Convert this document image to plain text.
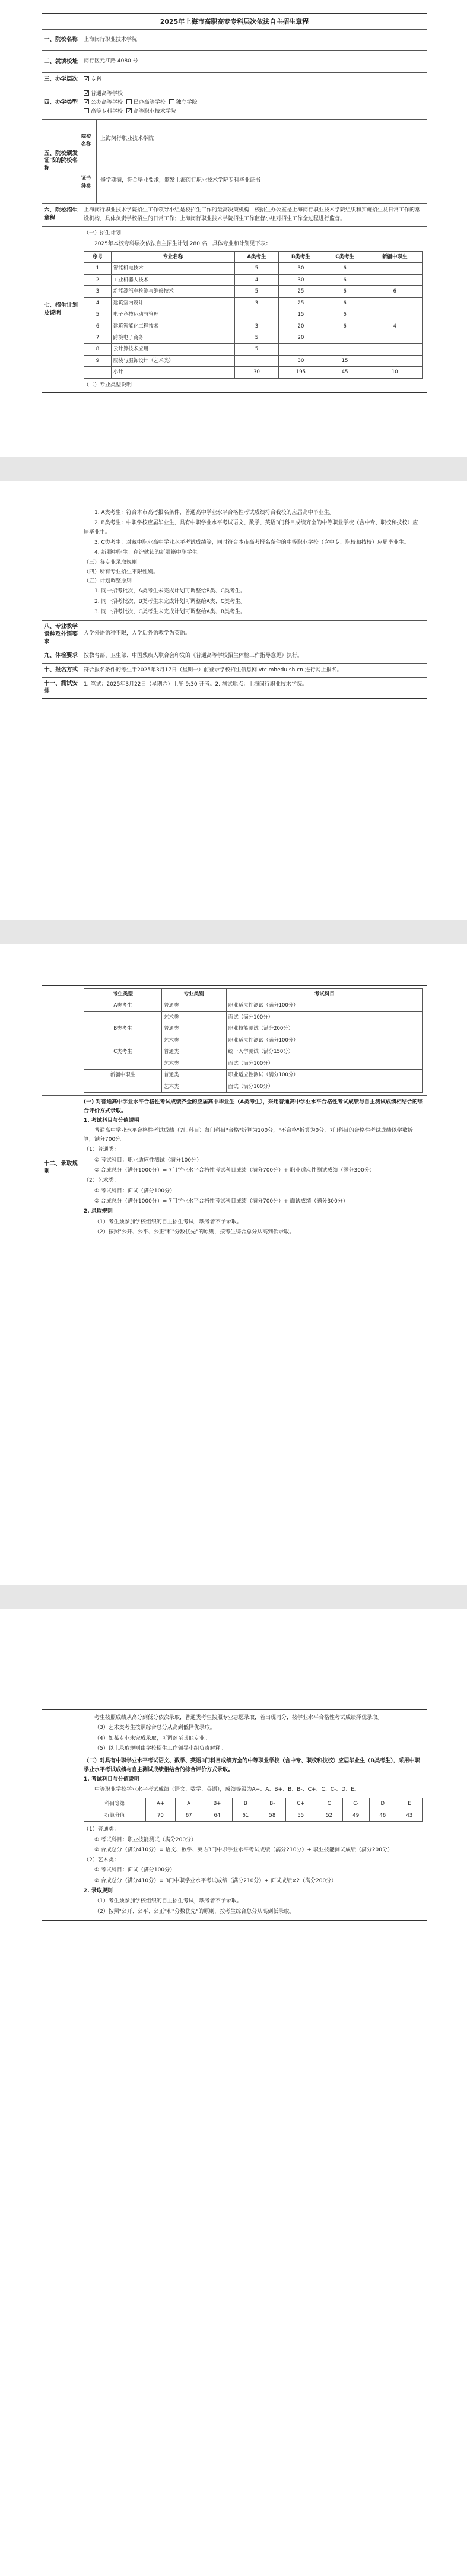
2025年上海市高职高专专科层次依法自主招生章程
一、院校名称	上海闵行职业技术学院
二、就读校址	闵行区元江路 4080 号
三、办学层次 ✓	专科
四、办学类型
✓普通高等学校
✓公办高等学校 民办高等学校 独立学院
高等专科学校 ✓ 高等职业技术学院
五、院校颁发证书的院校名称
院校名称
上海闵行职业技术学院
证书种类
修学期满，符合毕业要求，颁发上海闵行职业技术学院专科毕业证书
六、院校招生章程
上海闵行职业技术学院招生工作领导小组是校招生工作的最高决策机构，校招生办公室是上海闵行职业技术学院组织和实施招生及日常工作的常设机构，具体负责学校招生的日常工作；上海闵行职业技术学院招生工作监督小组对招生工作全过程进行监督。
七、招生计划及说明
（一）招生计划
2025年本校专科层次依法自主招生计划 280 名，具体专业和计划见下表：
序号	专业名称	A类考生	B类考生	C类考生	新疆中职生
1	智能机电技术	5	30	6	
2	工业机器人技术	4	30	6	
3	新能源汽车检测与维修技术	5	25	6	6
4	建筑室内设计	3	25	6	
5	电子竞技运动与管理		15	6	
6	建筑智能化工程技术	3	20	6	4
7	跨境电子商务	5	20		
8	云计算技术应用	5			
9	服装与服饰设计（艺术类）		30	15	
	小计	30	195	45	10
（二）专业类型说明
1. A类考生：符合本市高考报名条件，普通高中学业水平合格性考试成绩符合我校的应届高中毕业生。
2. B类考生：中职学校应届毕业生，具有中职学业水平考试语文、数学、英语3门科目成绩齐全的中等职业学校（含中专、职校和技校）应届毕业生。
3. C类考生：对藏中职业高中学业水平考试成绩等，同时符合本市高考报名条件的中等职业学校（含中专、职校和技校）应届毕业生。
4. 新疆中职生：在沪就读的新疆籍中职学生。
（三）各专业录取规则
（四）所有专业招生不限性别。
（五）计划调整原则
1. 同一招考批次，A类考生未完成计划可调整给B类、C类考生。
2. 同一招考批次，B类考生未完成计划可调整给A类、C类考生。
3. 同一招考批次，C类考生未完成计划可调整给A类、B类考生。
八、专业教学语种及外语要求
入学外语语种不限，入学后外语教学为英语。
九、体检要求	按教育部、卫生部、中国残疾人联合会印发的《普通高等学校招生体检工作指导意见》执行。
十、报名方式	符合报名条件的考生于2025年3月17日（星期一）前登录学校招生信息网 vtc.mhedu.sh.cn 进行网上报名。
十一、测试安排
1. 笔试：2025年3月22日（星期六）上午 9:30 开考。2. 测试地点：上海闵行职业技术学院。
考生类型	专业类别	考试科目
A类考生	普通类	职业适应性测试（满分100分）
	艺术类	面试（满分100分）
B类考生	普通类	职业技能测试（满分200分）
	艺术类	职业适应性测试（满分100分）
C类考生	普通类	统一入学测试（满分150分）
	艺术类	面试（满分100分）
新疆中职生	普通类	职业适应性测试（满分100分）
	艺术类	面试（满分100分）
十二、录取规则
(一) 对普通高中学业水平合格性考试成绩齐全的应届高中毕业生（A类考生），采用普通高中学业水平合格性考试成绩与自主测试成绩相结合的综合评价方式录取。
1. 考试科目与分值说明
普通高中学业水平合格性考试成绩（7门科目）每门科目"合格"折算为100分，"不合格"折算为0分，7门科目的合格性考试成绩以学数折算，满分700分。
（1）普通类：
① 考试科目：职业适应性测试（满分100分）
② 合成总分（满分1000分）= 7门学业水平合格性考试科目成绩（满分700分）+ 职业适应性测试成绩（满分300分）
（2）艺术类：
① 考试科目：面试（满分100分）
② 合成总分（满分1000分）= 7门学业水平合格性考试科目成绩（满分700分）+ 面试成绩（满分300分）
2. 录取规则
（1）考生须参加学校组织的自主招生考试，缺考者不予录取。
（2）按照"公开、公平、公正"和"分数优先"的原则，按考生综合总分从高到低录取。
考生按照成绩从高分到低分依次录取，普通类考生按照专业志愿录取，若出现同分，按学业水平合格性考试成绩择优录取。
（3）艺术类考生按照综合总分从高到低择优录取。
（4）如某专业未完成录取，可调剂至其他专业。
（5）以上录取规则由学校招生工作领导小组负责解释。
（二）对具有中职学业水平考试语文、数学、英语3门科目成绩齐全的中等职业学校（含中专、职校和技校）应届毕业生（B类考生），采用中职学业水平考试成绩与自主测试成绩相结合的综合评价方式录取。
1. 考试科目与分值说明
中等职业学校学业水平考试成绩（语文、数学、英语），成绩等级为A+、A、B+、B、B-、C+、C、C-、D、E。
科目等第	A+	A	B+	B	B-	C+	C	C-	D	E
折算分值	70	67	64	61	58	55	52	49	46	43
（1）普通类：
① 考试科目：职业技能测试（满分200分）
② 合成总分（满分410分）= 语文、数学、英语3门中职学业水平考试成绩（满分210分）+ 职业技能测试成绩（满分200分）
（2）艺术类：
① 考试科目：面试（满分100分）
② 合成总分（满分410分）= 3门中职学业水平考试成绩（满分210分）+ 面试成绩×2（满分200分）
2. 录取规则
（1）考生须参加学校组织的自主招生考试，缺考者不予录取。
（2）按照"公开、公平、公正"和"分数优先"的原则，按考生综合总分从高到低录取。
